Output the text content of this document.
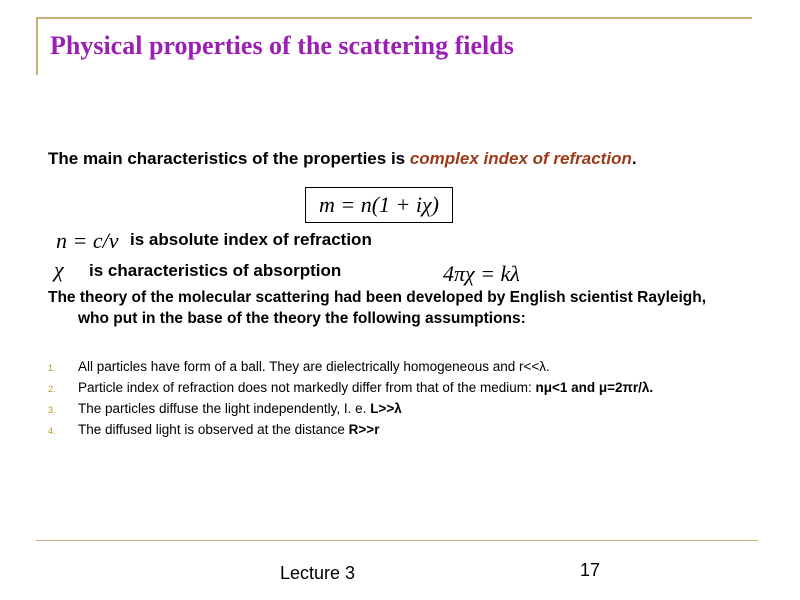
Physical properties of the scattering fields
The main characteristics of the properties is complex index of refraction.
m = n(1 + iχ)
n = c/v is absolute index of refraction
χ is characteristics of absorption	4πχ = kλ
The theory of the molecular scattering had been developed by English scientist Rayleigh, who put in the base of the theory the following assumptions:
1. All particles have form of a ball. They are dielectrically homogeneous and r<<λ.
2. Particle index of refraction does not markedly differ from that of the medium: nμ<1 and μ=2πr/λ.
3. The particles diffuse the light independently, I. e. L>>λ
4. The diffused light is observed at the distance R>>r
Lecture 3	17
